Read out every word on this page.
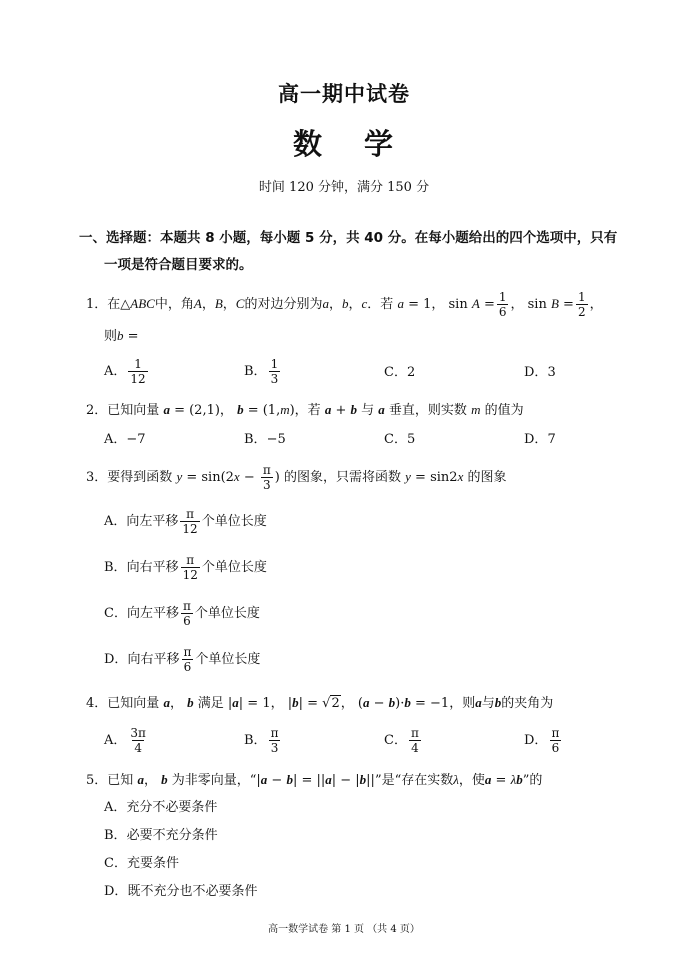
高一期中试卷
数 学
时间 120 分钟，满分 150 分
一、选择题：本题共 8 小题，每小题 5 分，共 40 分。在每小题给出的四个选项中，只有
一项是符合题目要求的。
1．在△ABC中，角A，B，C的对边分别为a，b，c．若 a = 1， $\sin A = \frac{1}{6}$ ， $\sin B = \frac{1}{2}$ ，
则b =
A． $\frac{1}{12}$	B． $\frac{1}{3}$	C．2	D．3
2．已知向量 a = (2,1)， b = (1,m)，若 a + b 与 a 垂直，则实数 m 的值为
A．−7	B．−5	C．5	D．7
3．要得到函数 $y = \sin(2x - \frac{\pi}{3}$ ) 的图象，只需将函数 y = sin2x 的图象
A．向左平移 $\frac{\pi}{12}$ 个单位长度
B．向右平移 $\frac{\pi}{12}$ 个单位长度
C．向左平移 $\frac{\pi}{6}$ 个单位长度
D．向右平移 $\frac{\pi}{6}$ 个单位长度
4．已知向量 a， b 满足 |a| = 1， |b| = √2， (a − b)·b = −1，则a与b的夹角为
A． $\frac{3\pi}{4}$	B． $\frac{\pi}{3}$	C． $\frac{\pi}{4}$	D． $\frac{\pi}{6}$
5．已知 a， b 为非零向量，“|a − b| = ||a| − |b||”是“存在实数λ，使a = λb”的
A．充分不必要条件
B．必要不充分条件
C．充要条件
D．既不充分也不必要条件
高一数学试卷 第 1 页 （共 4 页）
